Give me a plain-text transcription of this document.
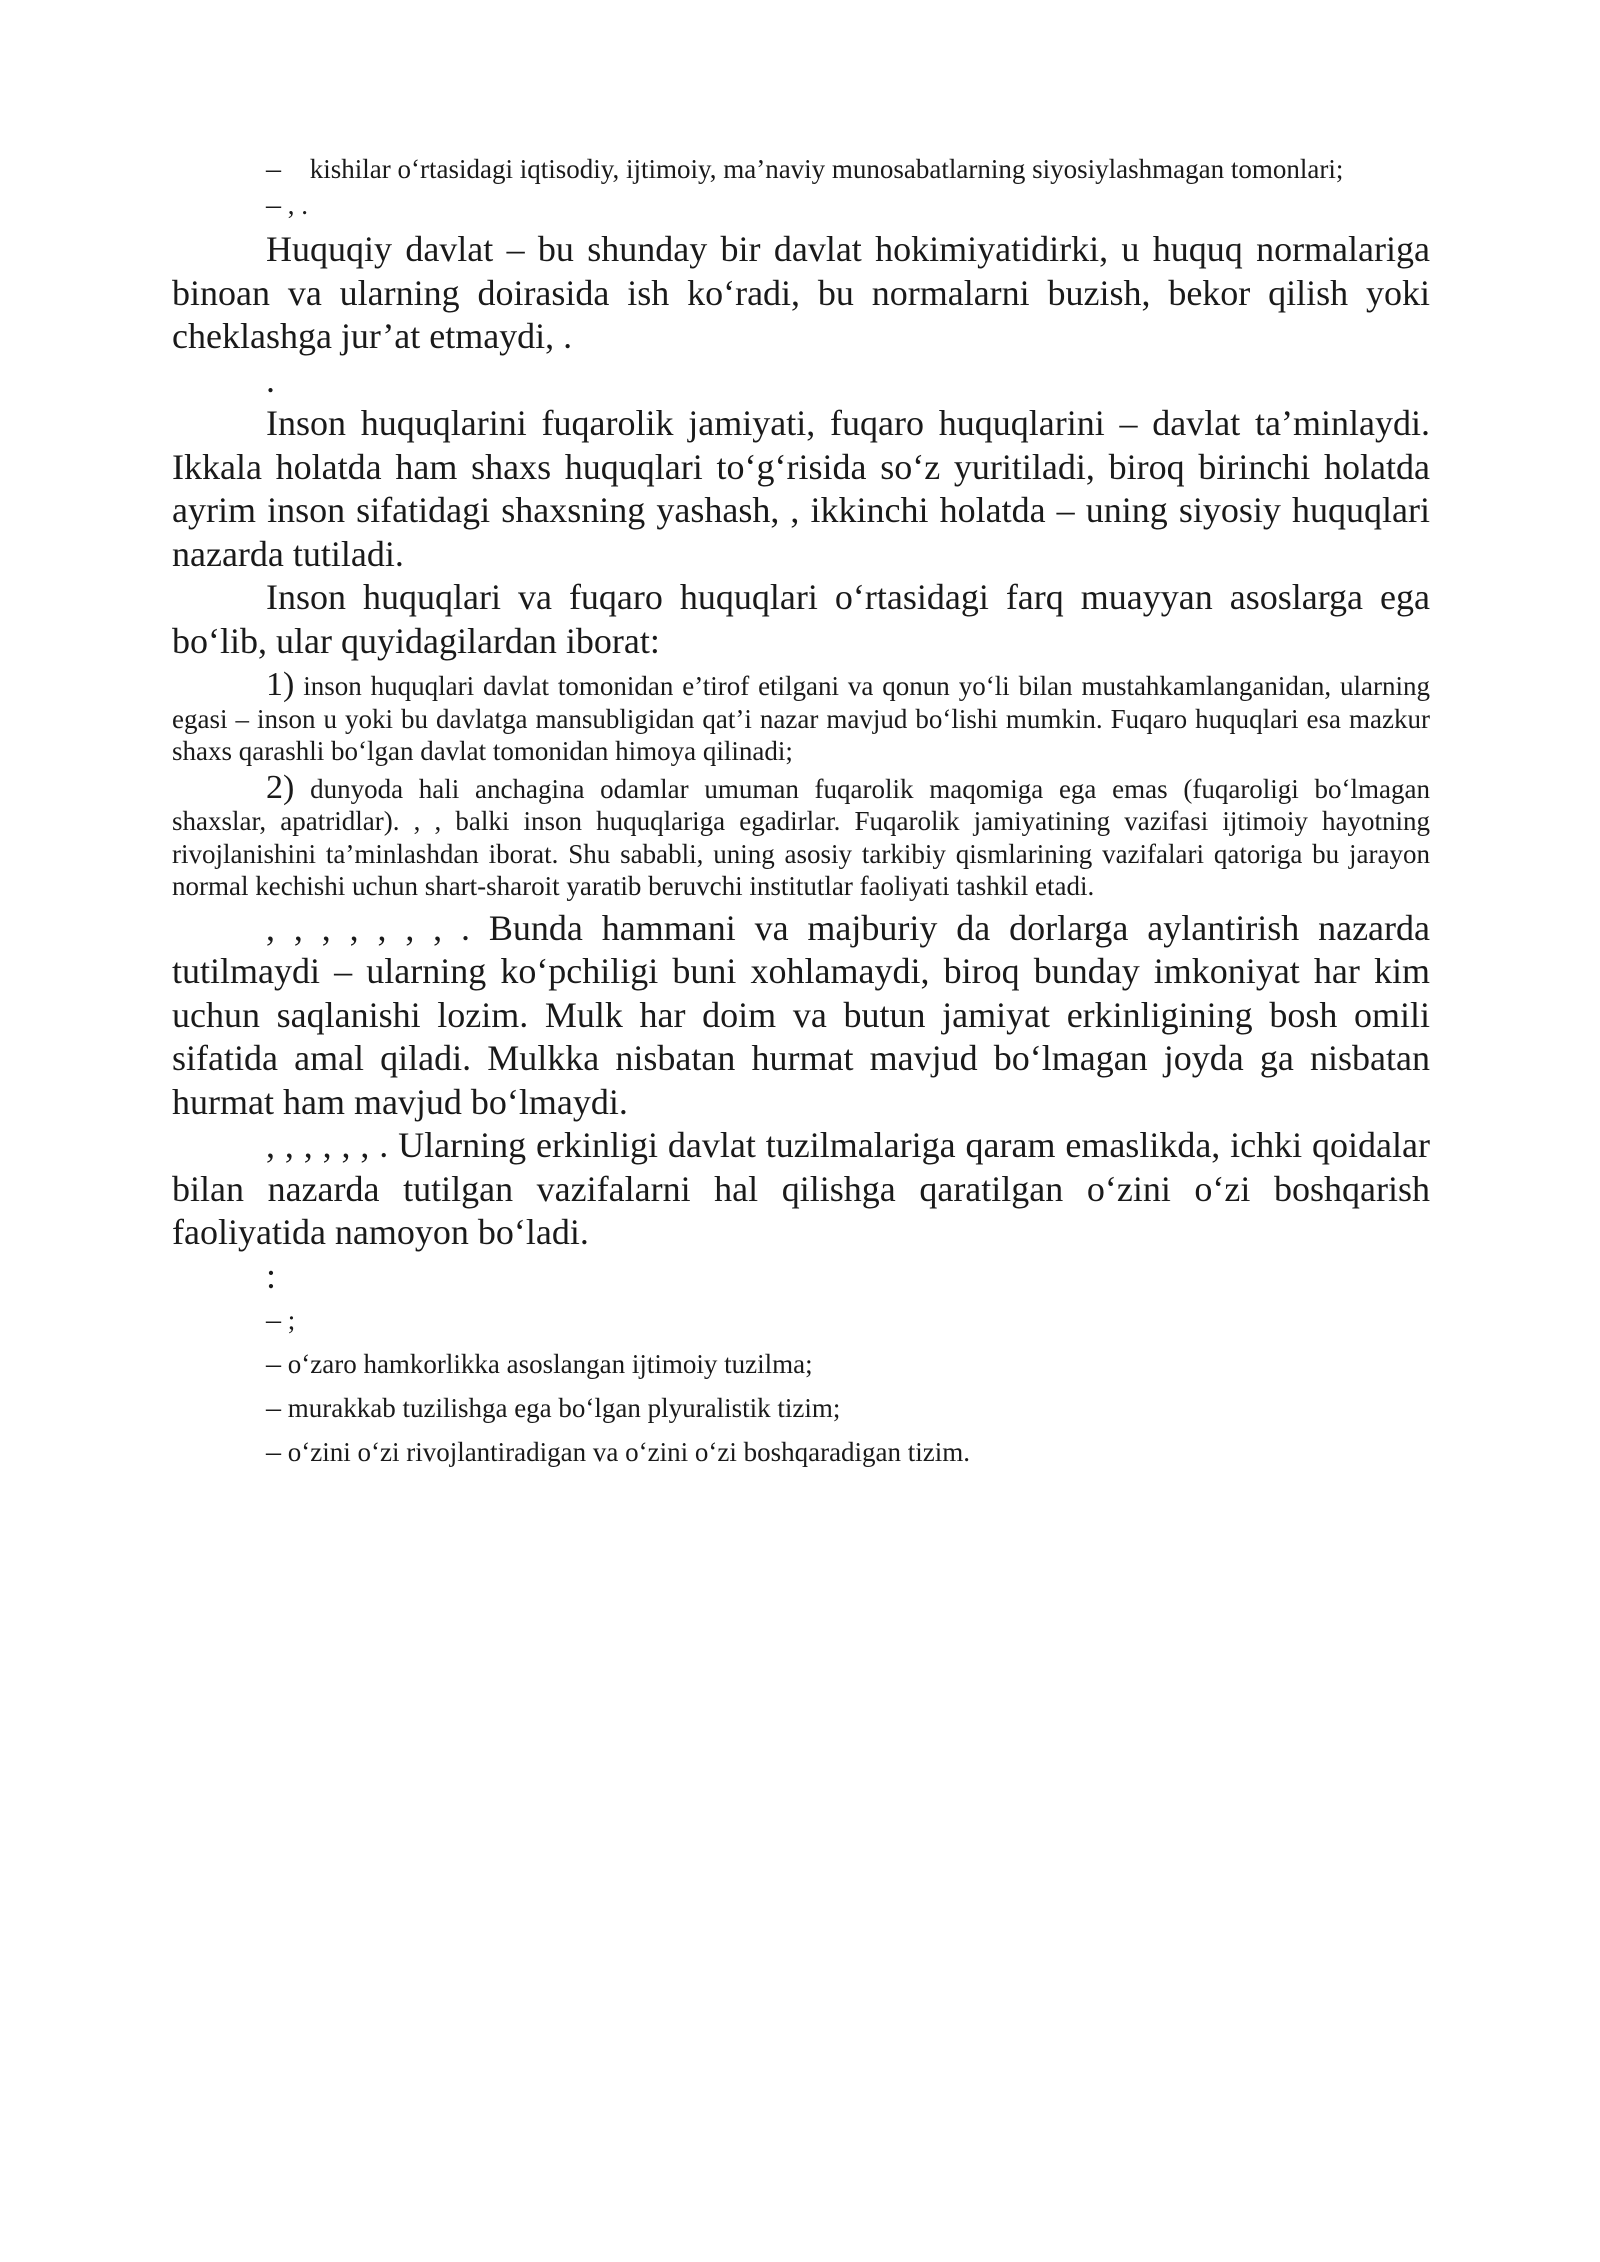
– kishilar o‘rtasidagi iqtisodiy, ijtimoiy, ma’naviy munosabatlarning siyosiylashmagan tomonlari;

– , .

Huquqiy davlat – bu shunday bir davlat hokimiyatidirki, u huquq normalariga binoan va ularning doirasida ish ko‘radi, bu normalarni buzish, bekor qilish yoki cheklashga jur’at etmaydi, .

.

Inson huquqlarini fuqarolik jamiyati, fuqaro huquqlarini – davlat ta’minlaydi. Ikkala holatda ham shaxs huquqlari to‘g‘risida so‘z yuritiladi, biroq birinchi holatda ayrim inson sifatidagi shaxsning yashash, , ikkinchi holatda – uning siyosiy huquqlari nazarda tutiladi.

Inson huquqlari va fuqaro huquqlari o‘rtasidagi farq muayyan asoslarga ega bo‘lib, ular quyidagilardan iborat:

1) inson huquqlari davlat tomonidan e’tirof etilgani va qonun yo‘li bilan mustahkamlanganidan, ularning egasi – inson u yoki bu davlatga mansubligidan qat’i nazar mavjud bo‘lishi mumkin. Fuqaro huquqlari esa mazkur shaxs qarashli bo‘lgan davlat tomonidan himoya qilinadi;

2) dunyoda hali anchagina odamlar umuman fuqarolik maqomiga ega emas (fuqaroligi bo‘lmagan shaxslar, apatridlar). , , balki inson huquqlariga egadirlar. Fuqarolik jamiyatining vazifasi ijtimoiy hayotning rivojlanishini ta’minlashdan iborat. Shu sababli, uning asosiy tarkibiy qismlarining vazifalari qatoriga bu jarayon normal kechishi uchun shart-sharoit yaratib beruvchi institutlar faoliyati tashkil etadi.

, , , , , , , . Bunda hammani va majburiy da dorlarga aylantirish nazarda tutilmaydi – ularning ko‘pchiligi buni xohlamaydi, biroq bunday imkoniyat har kim uchun saqlanishi lozim. Mulk har doim va butun jamiyat erkinligining bosh omili sifatida amal qiladi. Mulkka nisbatan hurmat mavjud bo‘lmagan joyda ga nisbatan hurmat ham mavjud bo‘lmaydi.

, , , , , , . Ularning erkinligi davlat tuzilmalariga qaram emaslikda, ichki qoidalar bilan nazarda tutilgan vazifalarni hal qilishga qaratilgan o‘zini o‘zi boshqarish faoliyatida namoyon bo‘ladi.

:

– ;

– o‘zaro hamkorlikka asoslangan ijtimoiy tuzilma;

– murakkab tuzilishga ega bo‘lgan plyuralistik tizim;

– o‘zini o‘zi rivojlantiradigan va o‘zini o‘zi boshqaradigan tizim.
